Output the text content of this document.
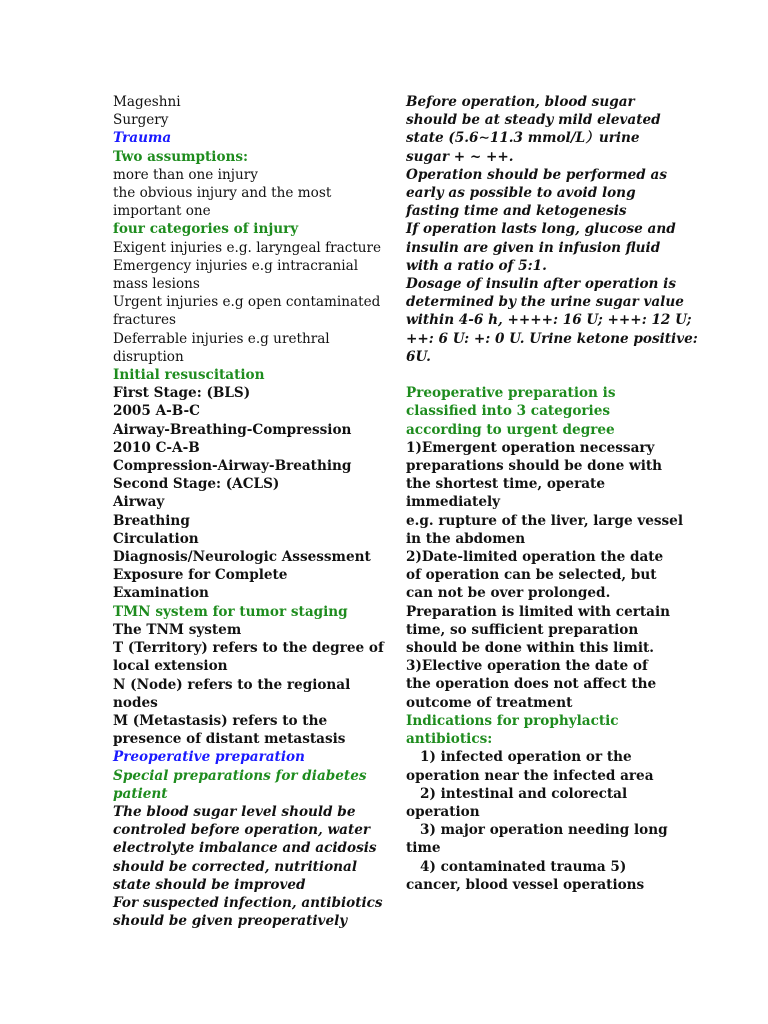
Mageshni
Surgery
Trauma
Two assumptions:
more than one injury
the obvious injury and the most
important one
four categories of injury
Exigent injuries e.g. laryngeal fracture
Emergency injuries e.g intracranial
mass lesions
Urgent injuries e.g open contaminated
fractures
Deferrable injuries e.g urethral
disruption
Initial resuscitation
First Stage: (BLS)
2005 A-B-C
Airway-Breathing-Compression
2010 C-A-B
Compression-Airway-Breathing
Second Stage: (ACLS)
Airway
Breathing
Circulation
Diagnosis/Neurologic Assessment
Exposure for Complete
Examination
TMN system for tumor staging
The TNM system
T (Territory) refers to the degree of
local extension
N (Node) refers to the regional
nodes
M (Metastasis) refers to the
presence of distant metastasis
Preoperative preparation
Special preparations for diabetes
patient
The blood sugar level should be
controled before operation, water
electrolyte imbalance and acidosis
should be corrected, nutritional
state should be improved
For suspected infection, antibiotics
should be given preoperatively
Before operation, blood sugar
should be at steady mild elevated
state (5.6∼11.3 mmol/L）urine
sugar + ~ ++.
Operation should be performed as
early as possible to avoid long
fasting time and ketogenesis
If operation lasts long, glucose and
insulin are given in infusion fluid
with a ratio of 5:1.
Dosage of insulin after operation is
determined by the urine sugar value
within 4-6 h, ++++: 16 U; +++: 12 U;
++: 6 U: +: 0 U. Urine ketone positive:
6U.
Preoperative preparation is
classified into 3 categories
according to urgent degree
1)Emergent operation necessary
preparations should be done with
the shortest time, operate
immediately
e.g. rupture of the liver, large vessel
in the abdomen
2)Date-limited operation the date
of operation can be selected, but
can not be over prolonged.
Preparation is limited with certain
time, so sufficient preparation
should be done within this limit.
3)Elective operation the date of
the operation does not affect the
outcome of treatment
Indications for prophylactic
antibiotics:
1) infected operation or the
operation near the infected area
2) intestinal and colorectal
operation
3) major operation needing long
time
4) contaminated trauma 5)
cancer, blood vessel operations
